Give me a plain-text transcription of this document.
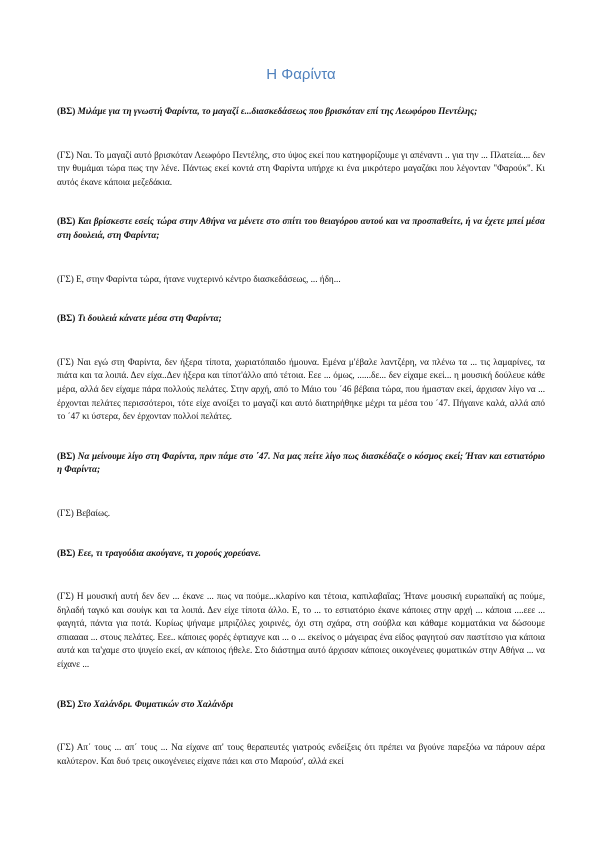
Η Φαρίντα

(ΒΣ) Μιλάμε για τη γνωστή Φαρίντα, το μαγαζί ε...διασκεδάσεως που βρισκόταν επί της Λεωφόρου Πεντέλης;

(ΓΣ) Ναι. Το μαγαζί αυτό βρισκόταν Λεωφόρο Πεντέλης, στο ύψος εκεί που κατηφορίζουμε γι απέναντι .. για την ... Πλατεία.... δεν την θυμάμαι τώρα πως την λένε. Πάντως εκεί κοντά στη Φαρίντα υπήρχε κι ένα μικρότερο μαγαζάκι που λέγονταν "Φαρούκ". Κι αυτός έκανε κάποια μεζεδάκια.

(ΒΣ) Και βρίσκεστε εσείς τώρα στην Αθήνα να μένετε στο σπίτι του θειαγόρου αυτού και να προσπαθείτε, ή να έχετε μπεί μέσα στη δουλειά, στη Φαρίντα;

(ΓΣ) Ε, στην Φαρίντα τώρα, ήτανε νυχτερινό κέντρο διασκεδάσεως, ... ήδη...

(ΒΣ) Τι δουλειά κάνατε μέσα στη Φαρίντα;

(ΓΣ) Ναι εγώ στη Φαρίντα, δεν ήξερα τίποτα, χωριατόπαιδο ήμουνα. Εμένα μ'έβαλε λαντζέρη, να πλένω τα ... τις λαμαρίνες, τα πιάτα και τα λοιπά. Δεν είχα..Δεν ήξερα και τίποτ'άλλο από τέτοια. Εεε ... όμως, ......δε... δεν είχαμε εκεί... η μουσική δούλευε κάθε μέρα, αλλά δεν είχαμε πάρα πολλούς πελάτες. Στην αρχή, από το Μάιο του ΄46 βέβαια τώρα, που ήμασταν εκεί, άρχισαν λίγο να ... έρχονται πελάτες περισσότεροι, τότε είχε ανοίξει το μαγαζί και αυτό διατηρήθηκε μέχρι τα μέσα του ΄47. Πήγαινε καλά, αλλά από το ΄47 κι ύστερα, δεν έρχονταν πολλοί πελάτες.

(ΒΣ) Να μείνουμε λίγο στη Φαρίντα, πριν πάμε στο ΄47. Να μας πείτε λίγο πως διασκέδαζε ο κόσμος εκεί; Ήταν και εστιατόριο η Φαρίντα;

(ΓΣ) Βεβαίως.

(ΒΣ) Εεε, τι τραγούδια ακούγανε, τι χορούς χορεύανε.

(ΓΣ) Η μουσική αυτή δεν δεν ... έκανε ... πως να πούμε...κλαρίνο και τέτοια, καπιλαβαΐας; Ήτανε μουσική ευρωπαϊκή ας πούμε, δηλαδή ταγκό και σουίγκ και τα λοιπά. Δεν είχε τίποτα άλλο. Ε, το ... το εστιατόριο έκανε κάποιες στην αρχή ... κάποια ....εεε ... φαγητά, πάντα για ποτά. Κυρίως ψήναμε μπριζόλες χοιρινές, όχι στη σχάρα, στη σούβλα και κάθαμε κομματάκια να δώσουμε σπιαααα ... στους πελάτες. Εεε.. κάποιες φορές έφτιαχνε και ... ο ... εκείνος ο μάγειρας ένα είδος φαγητού σαν παστίτσιο για κάποια αυτά και τα'χαμε στο ψυγείο εκεί, αν κάποιος ήθελε. Στο διάστημα αυτό άρχισαν κάποιες οικογένειες φυματικών στην Αθήνα ... να είχανε ...

(ΒΣ) Στο Χαλάνδρι. Φυματικών στο Χαλάνδρι

(ΓΣ) Απ΄ τους ... απ΄ τους ... Να είχανε απ' τους θεραπευτές γιατρούς ενδείξεις ότι πρέπει να βγούνε παρεξόω να πάρουν αέρα καλύτερον. Και δυό τρεις οικογένειες είχανε πάει και στο Μαρούσ', αλλά εκεί
